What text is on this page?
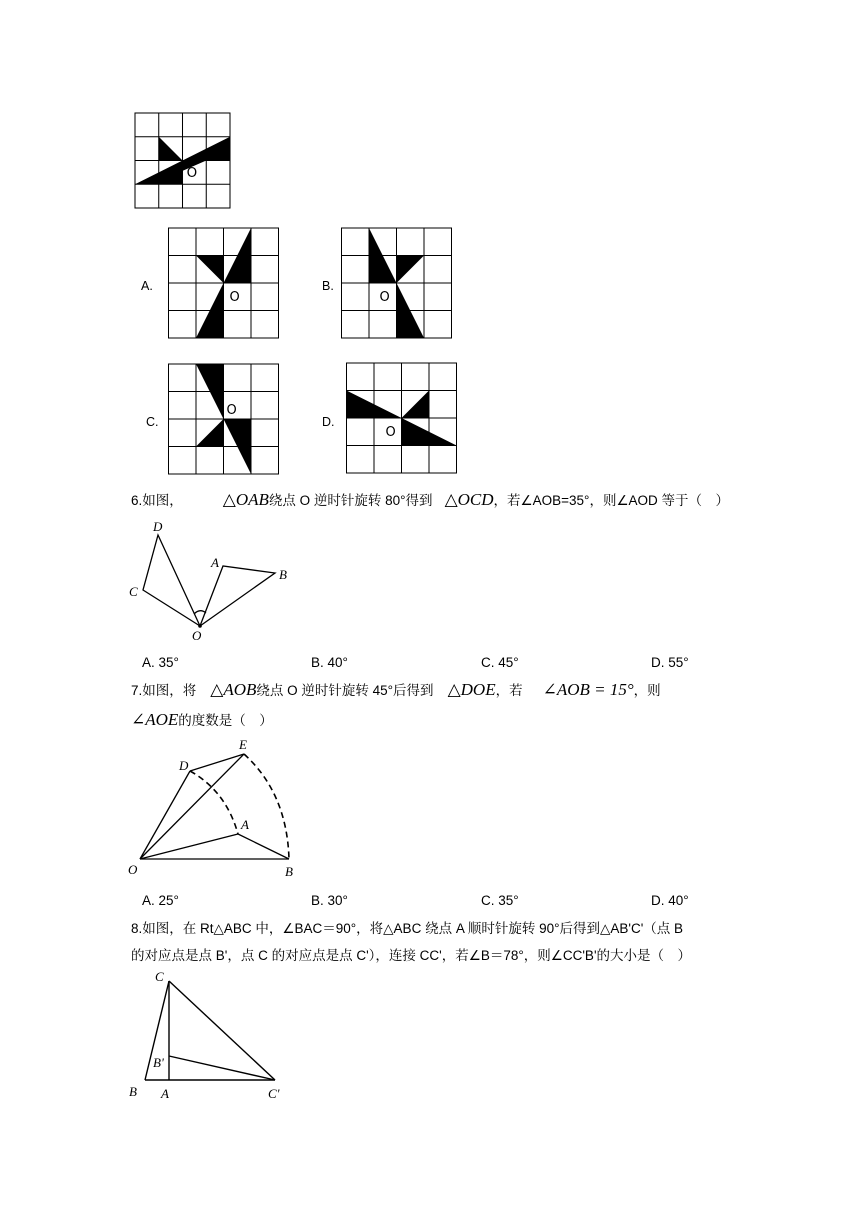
O
A.
O
B.
O
C.
O
D.
O
6.如图， △OAB绕点 O 逆时针旋转 80°得到 △OCD，若∠AOB=35°，则∠AOD 等于（　）
D
A
B
C
O
A. 35°	B. 40°	C. 45°	D. 55°
7.如图，将 △AOB绕点 O 逆时针旋转 45°后得到 △DOE，若 ∠AOB = 15°，则
∠AOE的度数是（　）
E
D
A
O	B
A. 25°	B. 30°	C. 35°	D. 40°
8.如图，在 Rt△ABC 中，∠BAC＝90°，将△ABC 绕点 A 顺时针旋转 90°后得到△AB'C'（点 B
的对应点是点 B'，点 C 的对应点是点 C'），连接 CC'，若∠B＝78°，则∠CC'B'的大小是（　）
C
B'
B A	C'
